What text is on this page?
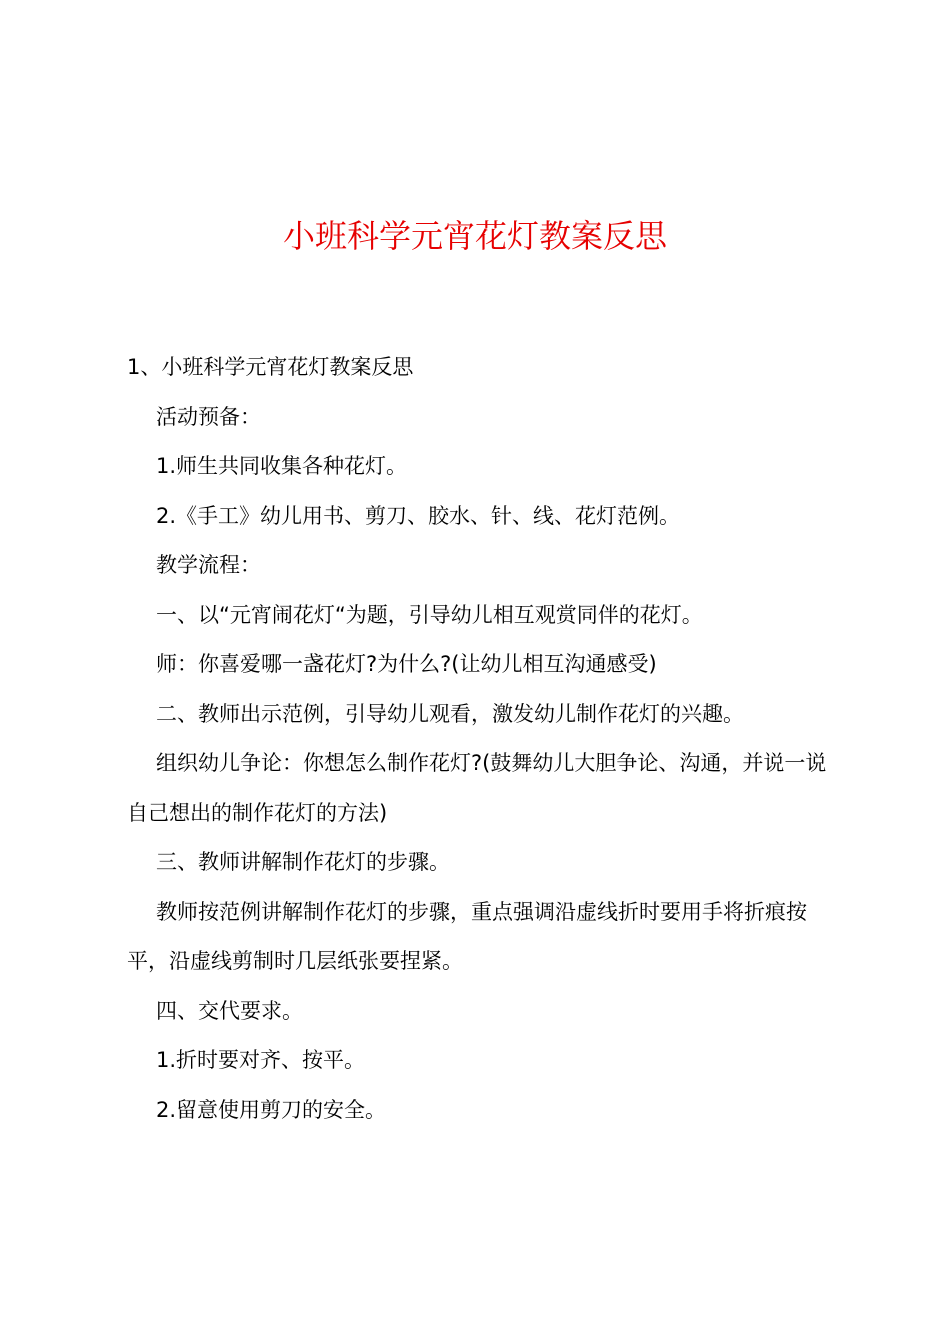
小班科学元宵花灯教案反思

1、小班科学元宵花灯教案反思

活动预备：

1.师生共同收集各种花灯。

2.《手工》幼儿用书、剪刀、胶水、针、线、花灯范例。

教学流程：

一、以“元宵闹花灯“为题，引导幼儿相互观赏同伴的花灯。

师：你喜爱哪一盏花灯?为什么?(让幼儿相互沟通感受)

二、教师出示范例，引导幼儿观看，激发幼儿制作花灯的兴趣。

组织幼儿争论：你想怎么制作花灯?(鼓舞幼儿大胆争论、沟通，并说一说自己想出的制作花灯的方法)

三、教师讲解制作花灯的步骤。

教师按范例讲解制作花灯的步骤，重点强调沿虚线折时要用手将折痕按平，沿虚线剪制时几层纸张要捏紧。

四、交代要求。

1.折时要对齐、按平。

2.留意使用剪刀的安全。
